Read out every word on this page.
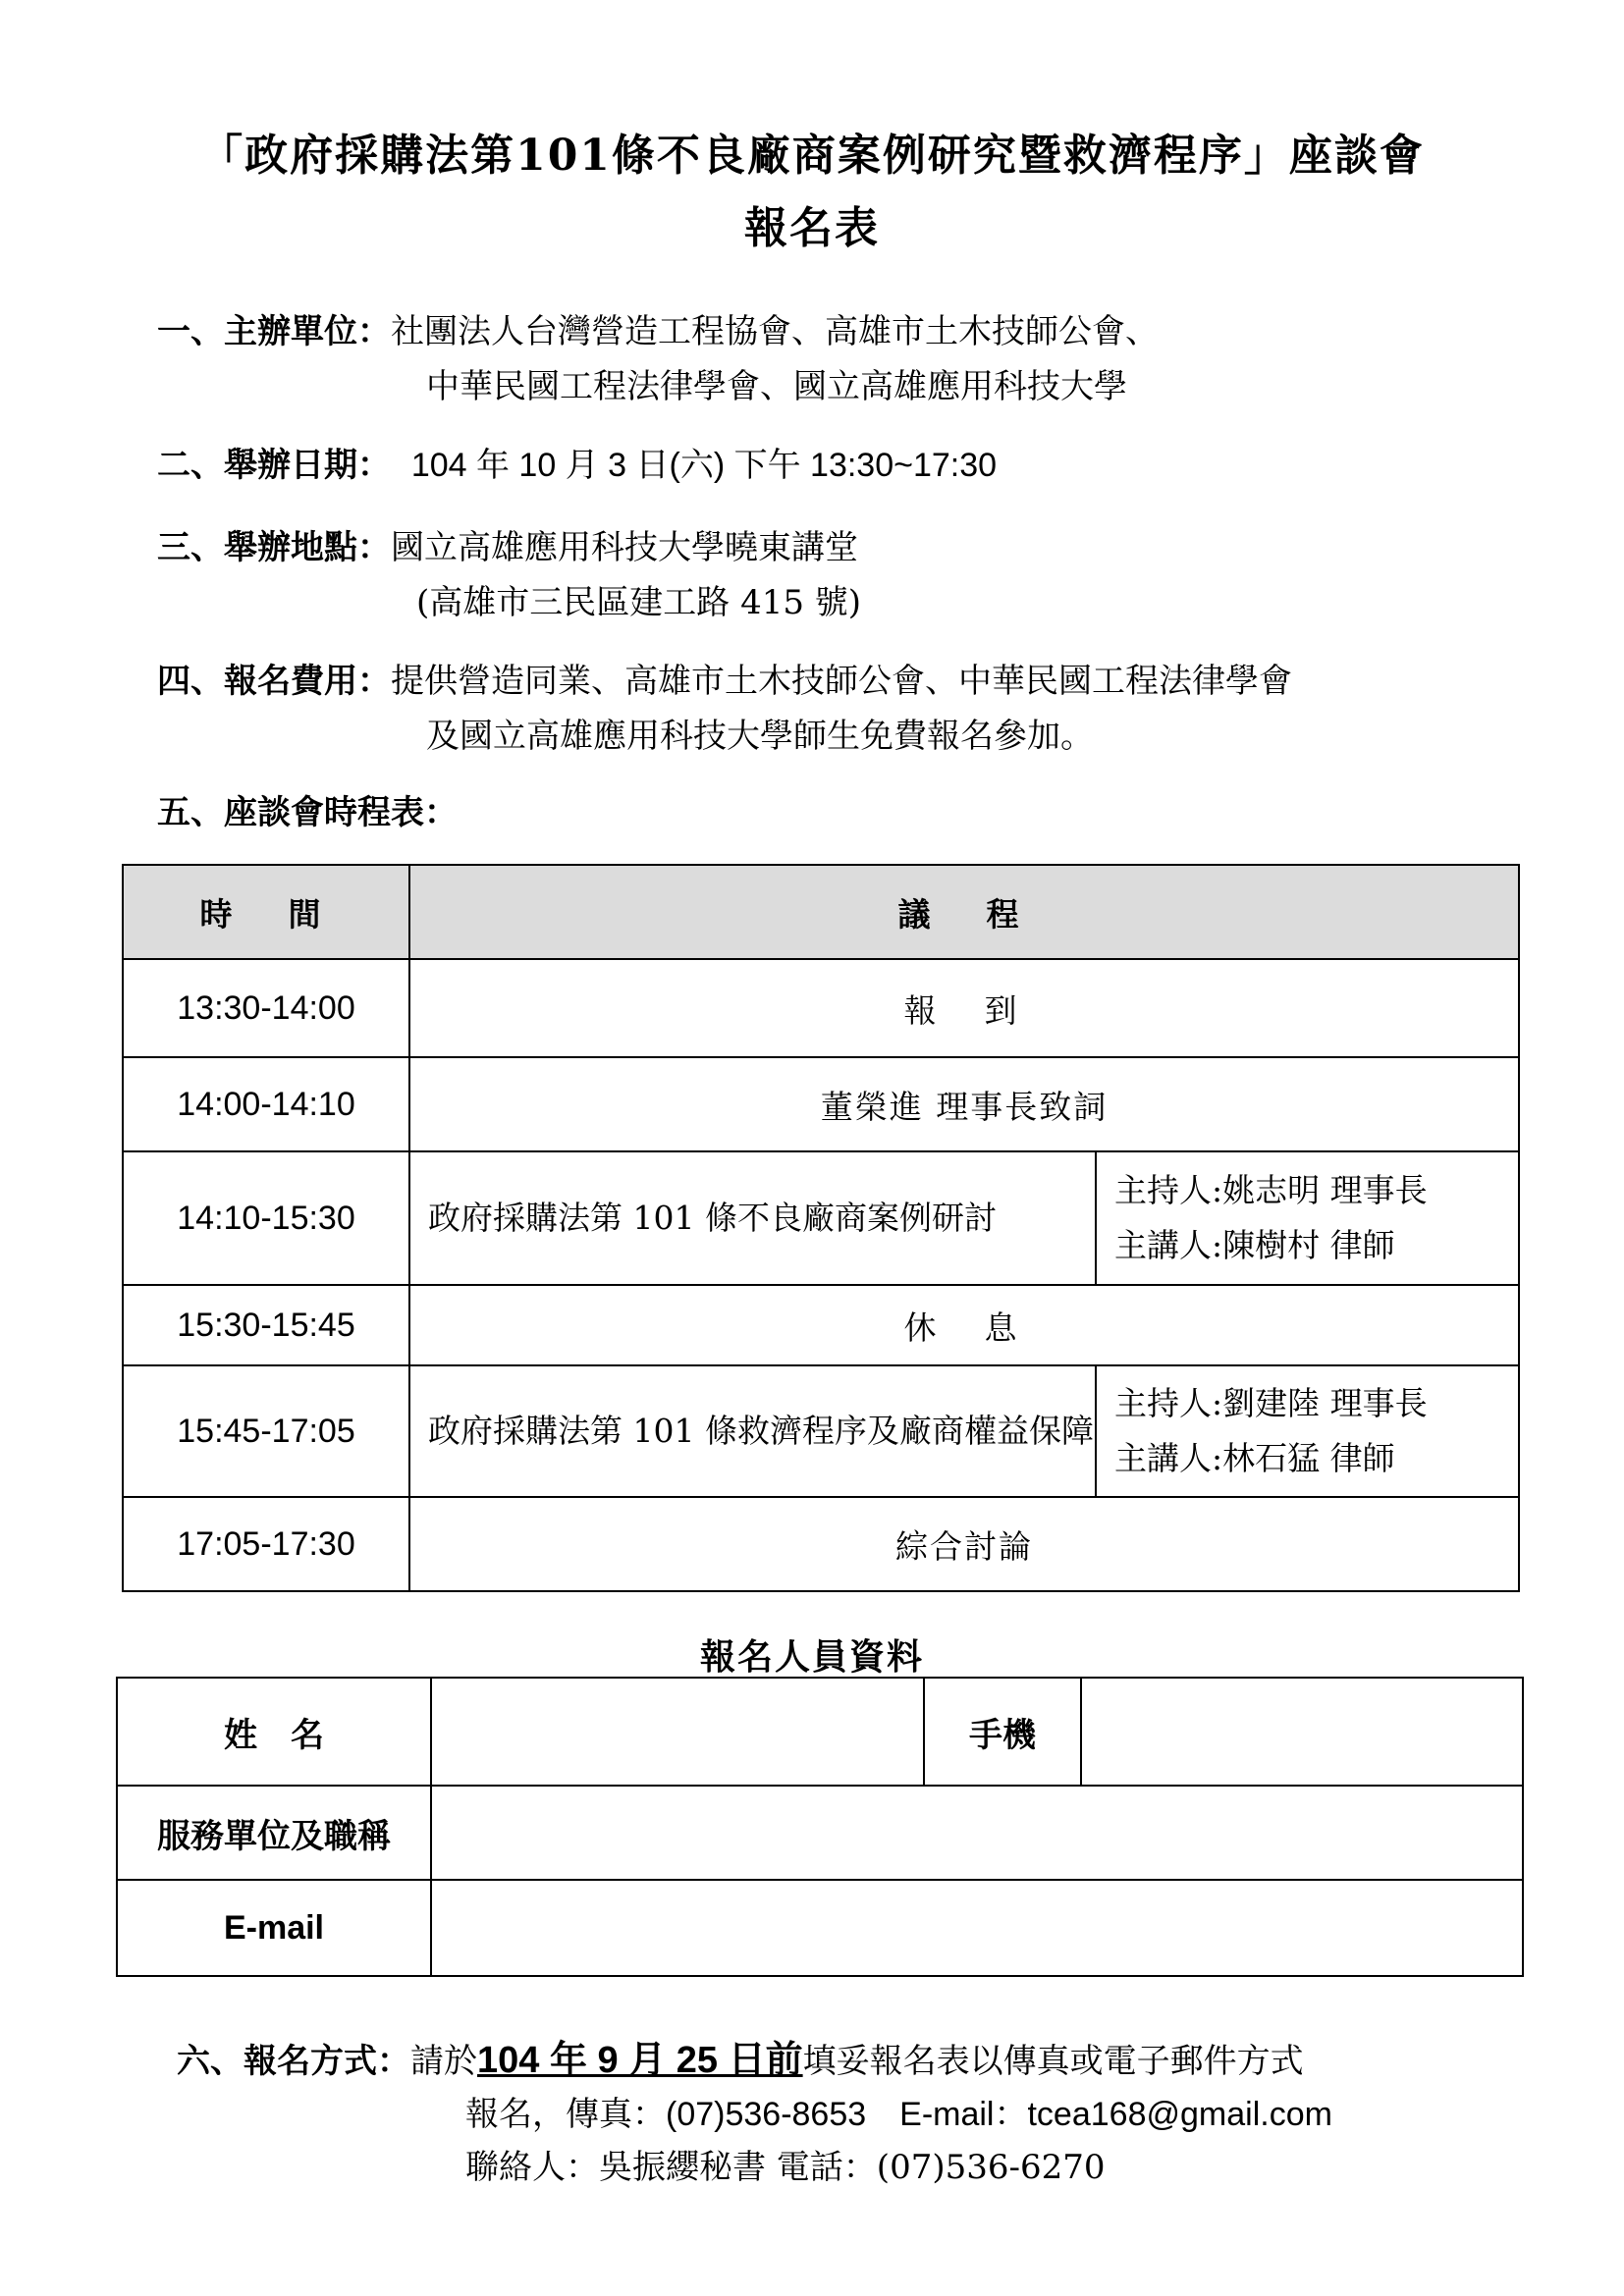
「政府採購法第101條不良廠商案例研究暨救濟程序」座談會
報名表
一、主辦單位：社團法人台灣營造工程協會、高雄市土木技師公會、
中華民國工程法律學會、國立高雄應用科技大學
二、舉辦日期： 104 年 10 月 3 日(六) 下午 13:30~17:30
三、舉辦地點：國立高雄應用科技大學曉東講堂
(高雄市三民區建工路 415 號)
四、報名費用：提供營造同業、高雄市土木技師公會、中華民國工程法律學會
及國立高雄應用科技大學師生免費報名參加。
五、座談會時程表：
時　間	議　程	
13:30-14:00	報　到	
14:00-14:10	董榮進 理事長致詞	
14:10-15:30	政府採購法第 101 條不良廠商案例研討	主持人:姚志明 理事長
主講人:陳樹村 律師

15:30-15:45	休　息	
15:45-17:05	政府採購法第 101 條救濟程序及廠商權益保障	主持人:劉建陸 理事長
主講人:林石猛 律師

17:05-17:30	綜合討論	
報名人員資料
姓　名		手機	
服務單位及職稱			
E-mail			
六、報名方式：請於104 年 9 月 25 日前填妥報名表以傳真或電子郵件方式
報名，傳真：(07)536-8653　E-mail：tcea168@gmail.com
聯絡人：吳振纓秘書 電話：(07)536-6270
